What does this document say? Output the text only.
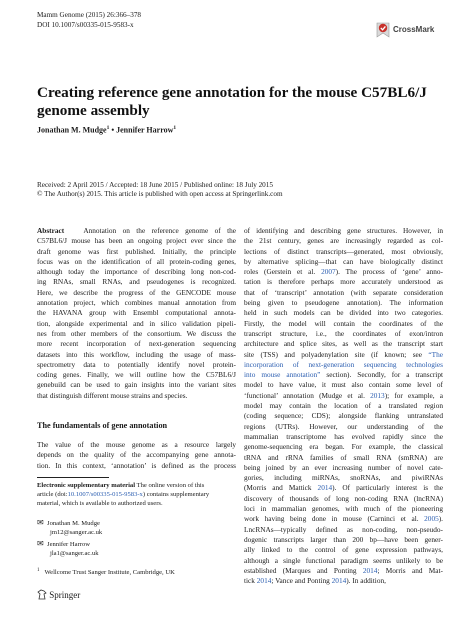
Mamm Genome (2015) 26:366–378
DOI 10.1007/s00335-015-9583-x
CrossMark
Creating reference gene annotation for the mouse C57BL6/J
genome assembly
Jonathan M. Mudge$^1$ • Jennifer Harrow$^1$
Received: 2 April 2015 / Accepted: 18 June 2015 / Published online: 18 July 2015
© The Author(s) 2015. This article is published with open access at Springerlink.com
Abstract	Annotation on the reference genome of the
C57BL6/J mouse has been an ongoing project ever since the
draft genome was first published. Initially, the principle
focus was on the identification of all protein-coding genes,
although today the importance of describing long non-cod-
ing RNAs, small RNAs, and pseudogenes is recognized.
Here, we describe the progress of the GENCODE mouse
annotation project, which combines manual annotation from
the HAVANA group with Ensembl computational annota-
tion, alongside experimental and in silico validation pipeli-
nes from other members of the consortium. We discuss the
more recent incorporation of next-generation sequencing
datasets into this workflow, including the usage of mass-
spectrometry data to potentially identify novel protein-
coding genes. Finally, we will outline how the C57BL6/J
genebuild can be used to gain insights into the variant sites
that distinguish different mouse strains and species.
The fundamentals of gene annotation
The value of the mouse genome as a resource largely
depends on the quality of the accompanying gene annota-
tion. In this context, ‘annotation’ is defined as the process
Electronic supplementary material The online version of this
article (doi:10.1007/s00335-015-9583-x) contains supplementary
material, which is available to authorized users.
✉ Jonathan M. Mudge
jm12@sanger.ac.uk
✉ Jennifer Harrow
jla1@sanger.ac.uk
$^1$ Wellcome Trust Sanger Institute, Cambridge, UK
Springer
of identifying and describing gene structures. However, in
the 21st century, genes are increasingly regarded as col-
lections of distinct transcripts—generated, most obviously,
by alternative splicing—that can have biologically distinct
roles (Gerstein et al. 2007). The process of ‘gene’ anno-
tation is therefore perhaps more accurately understood as
that of ‘transcript’ annotation (with separate consideration
being given to pseudogene annotation). The information
held in such models can be divided into two categories.
Firstly, the model will contain the coordinates of the
transcript structure, i.e., the coordinates of exon/intron
architecture and splice sites, as well as the transcript start
site (TSS) and polyadenylation site (if known; see “The
incorporation of next-generation sequencing technologies
into mouse annotation” section). Secondly, for a transcript
model to have value, it must also contain some level of
‘functional’ annotation (Mudge et al. 2013); for example, a
model may contain the location of a translated region
(coding sequence; CDS); alongside flanking untranslated
regions (UTRs). However, our understanding of the
mammalian transcriptome has evolved rapidly since the
genome-sequencing era began. For example, the classical
tRNA and rRNA families of small RNA (smRNA) are
being joined by an ever increasing number of novel cate-
gories, including miRNAs, snoRNAs, and piwiRNAs
(Morris and Mattick 2014). Of particularly interest is the
discovery of thousands of long non-coding RNA (lncRNA)
loci in mammalian genomes, with much of the pioneering
work having being done in mouse (Carninci et al. 2005).
LncRNAs—typically defined as non-coding, non-pseudo-
dogenic transcripts larger than 200 bp—have been gener-
ally linked to the control of gene expression pathways,
although a single functional paradigm seems unlikely to be
established (Marques and Ponting 2014; Morris and Mat-
tick 2014; Vance and Ponting 2014). In addition,
